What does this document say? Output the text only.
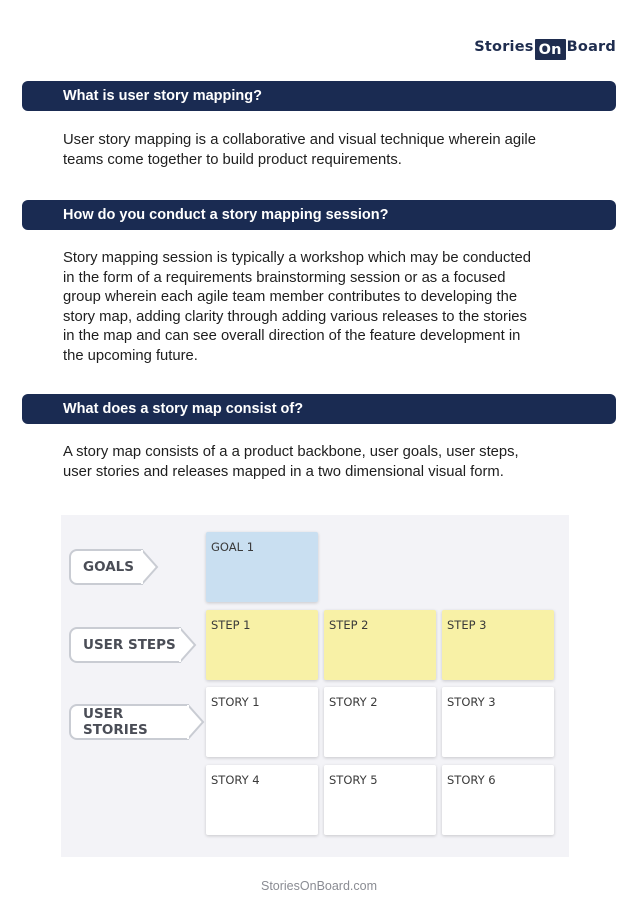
Stories On Board
What is user story mapping?
User story mapping is a collaborative and visual technique wherein agile
teams come together to build product requirements.
How do you conduct a story mapping session?
Story mapping session is typically a workshop which may be conducted
in the form of a requirements brainstorming session or as a focused
group wherein each agile team member contributes to developing the
story map, adding clarity through adding various releases to the stories
in the map and can see overall direction of the feature development in
the upcoming future.
What does a story map consist of?
A story map consists of a a product backbone, user goals, user steps,
user stories and releases mapped in a two dimensional visual form.
GOALS
USER STEPS
USER STORIES
GOAL 1
STEP 1	STEP 2	STEP 3
STORY 1	STORY 2	STORY 3
STORY 4	STORY 5	STORY 6
StoriesOnBoard.com
